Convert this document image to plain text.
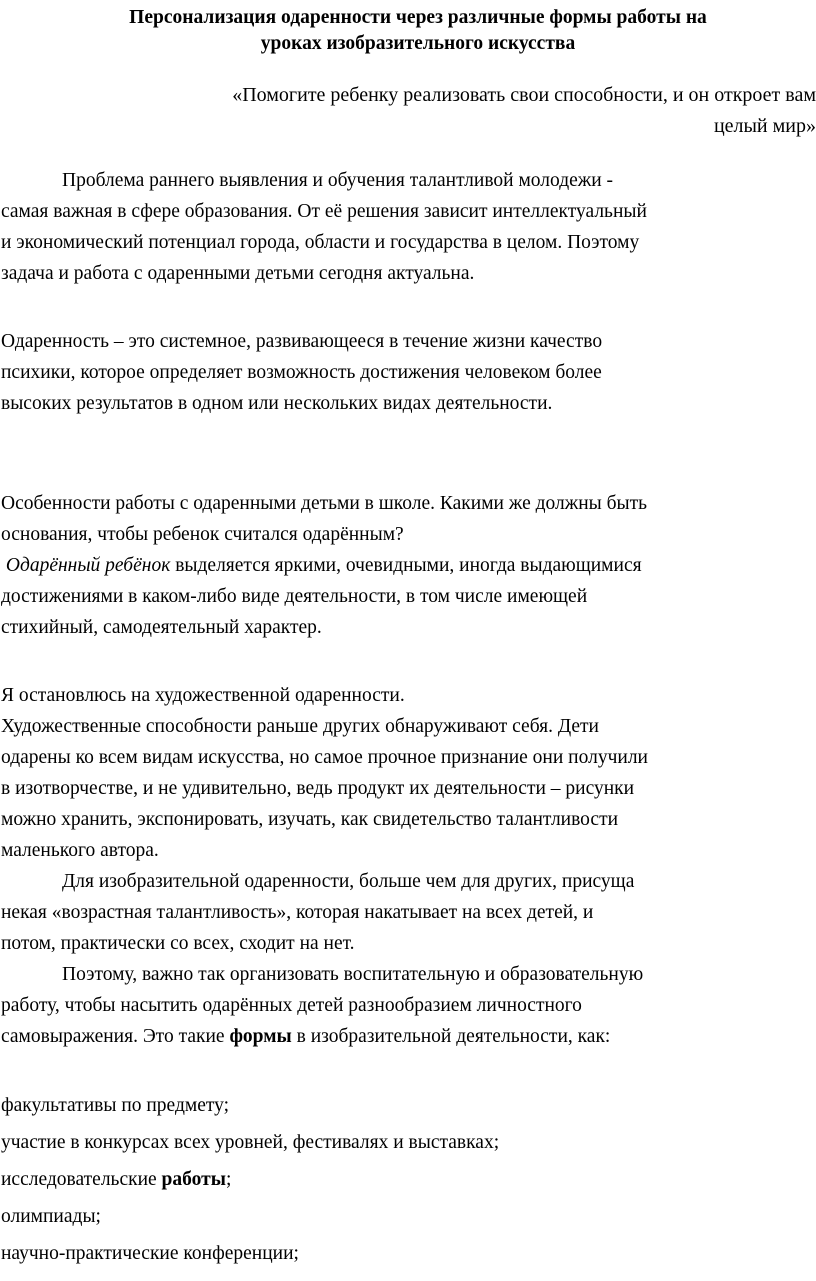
Персонализация одаренности через различные формы работы на
уроках изобразительного искусства
«Помогите ребенку реализовать свои способности, и он откроет вам
целый мир»
Проблема раннего выявления и обучения талантливой молодежи -
самая важная в сфере образования. От её решения зависит интеллектуальный
и экономический потенциал города, области и государства в целом. Поэтому
задача и работа с одаренными детьми сегодня актуальна.
Одаренность – это системное, развивающееся в течение жизни качество
психики, которое определяет возможность достижения человеком более
высоких результатов в одном или нескольких видах деятельности.
Особенности работы с одаренными детьми в школе. Какими же должны быть
основания, чтобы ребенок считался одарённым?
Одарённый ребёнок выделяется яркими, очевидными, иногда выдающимися
достижениями в каком-либо виде деятельности, в том числе имеющей
стихийный, самодеятельный характер.
Я остановлюсь на художественной одаренности.
Художественные способности раньше других обнаруживают себя. Дети
одарены ко всем видам искусства, но самое прочное признание они получили
в изотворчестве, и не удивительно, ведь продукт их деятельности – рисунки
можно хранить, экспонировать, изучать, как свидетельство талантливости
маленького автора.
Для изобразительной одаренности, больше чем для других, присуща
некая «возрастная талантливость», которая накатывает на всех детей, и
потом, практически со всех, сходит на нет.
Поэтому, важно так организовать воспитательную и образовательную
работу, чтобы насытить одарённых детей разнообразием личностного
самовыражения. Это такие формы в изобразительной деятельности, как:
факультативы по предмету;
участие в конкурсах всех уровней, фестивалях и выставках;
исследовательские работы;
олимпиады;
научно-практические конференции;
